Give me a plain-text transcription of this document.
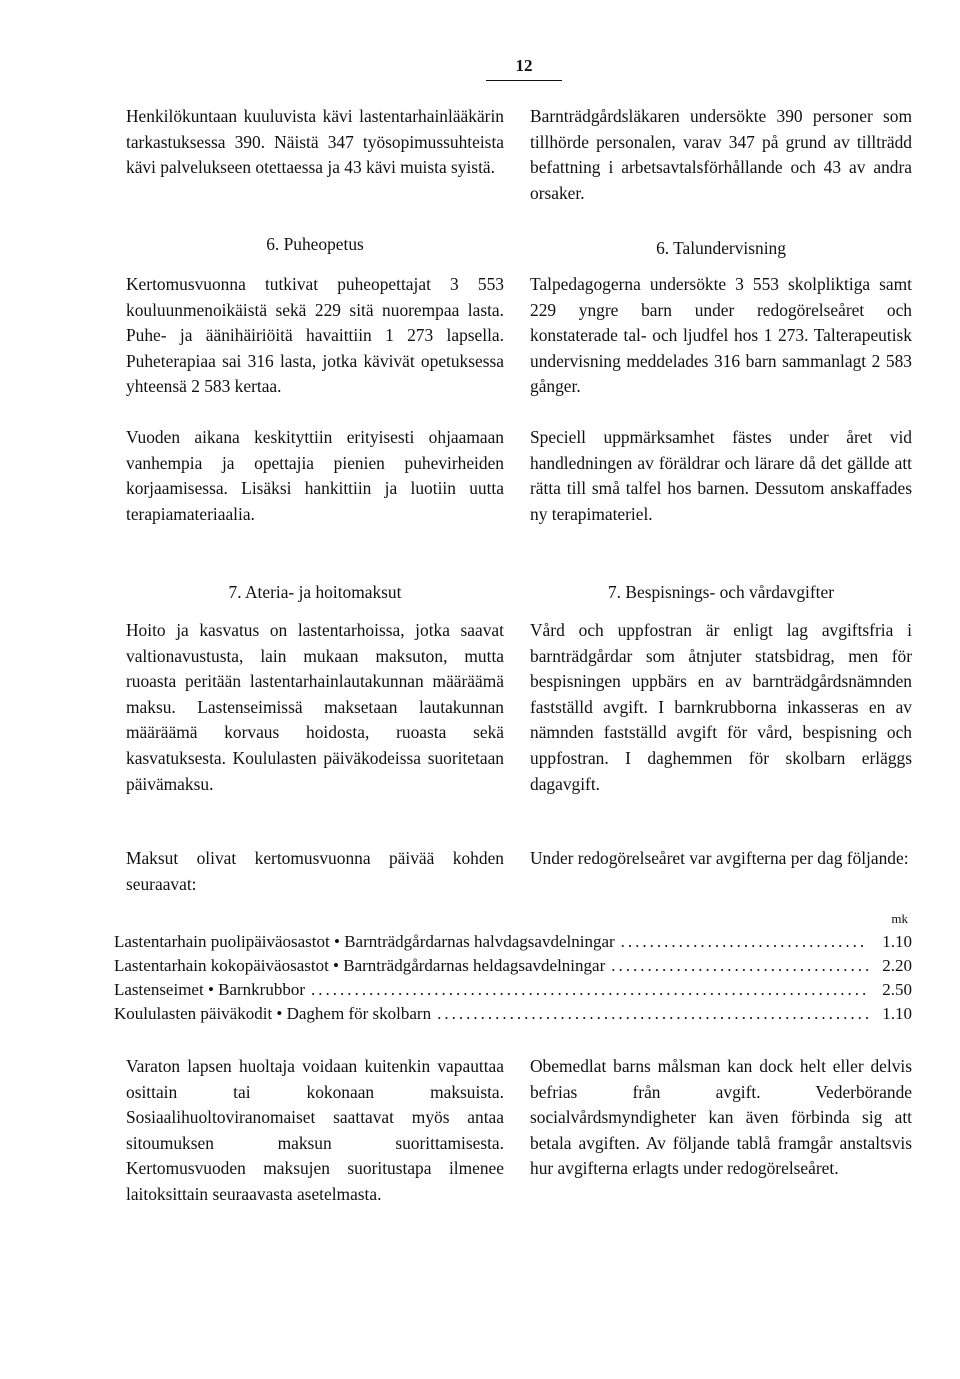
12

Henkilökuntaan kuuluvista kävi lastentarhainlääkärin tarkastuksessa 390. Näistä 347 työsopimussuhteista kävi palvelukseen otettaessa ja 43 kävi muista syistä.

6. Puheopetus

Kertomusvuonna tutkivat puheopettajat 3 553 kouluunmenoikäistä sekä 229 sitä nuorempaa lasta. Puhe- ja äänihäiriöitä havaittiin 1 273 lapsella. Puheterapiaa sai 316 lasta, jotka kävivät opetuksessa yhteensä 2 583 kertaa.

Vuoden aikana keskityttiin erityisesti ohjaamaan vanhempia ja opettajia pienien puhevirheiden korjaamisessa. Lisäksi hankittiin ja luotiin uutta terapiamateriaalia.

7. Ateria- ja hoitomaksut

Hoito ja kasvatus on lastentarhoissa, jotka saavat valtionavustusta, lain mukaan maksuton, mutta ruoasta peritään lastentarhainlautakunnan määräämä maksu. Lastenseimissä maksetaan lautakunnan määräämä korvaus hoidosta, ruoasta sekä kasvatuksesta. Koululasten päiväkodeissa suoritetaan päivämaksu.

Maksut olivat kertomusvuonna päivää kohden seuraavat:

Varaton lapsen huoltaja voidaan kuitenkin vapauttaa osittain tai kokonaan maksuista. Sosiaalihuoltoviranomaiset saattavat myös antaa sitoumuksen maksun suorittamisesta. Kertomusvuoden maksujen suoritustapa ilmenee laitoksittain seuraavasta asetelmasta.

Barnträdgårdsläkaren undersökte 390 personer som tillhörde personalen, varav 347 på grund av tillträdd befattning i arbetsavtalsförhållande och 43 av andra orsaker.

6. Talundervisning

Talpedagogerna undersökte 3 553 skolpliktiga samt 229 yngre barn under redogörelseåret och konstaterade tal- och ljudfel hos 1 273. Talterapeutisk undervisning meddelades 316 barn sammanlagt 2 583 gånger.

Speciell uppmärksamhet fästes under året vid handledningen av föräldrar och lärare då det gällde att rätta till små talfel hos barnen. Dessutom anskaffades ny terapimateriel.

7. Bespisnings- och vårdavgifter

Vård och uppfostran är enligt lag avgiftsfria i barnträdgårdar som åtnjuter statsbidrag, men för bespisningen uppbärs en av barnträdgårdsnämnden fastställd avgift. I barnkrubborna inkasseras en av nämnden fastställd avgift för vård, bespisning och uppfostran. I daghemmen för skolbarn erläggs dagavgift.

Under redogörelseåret var avgifterna per dag följande:

Obemedlat barns målsman kan dock helt eller delvis befrias från avgift. Vederbörande socialvårdsmyndigheter kan även förbinda sig att betala avgiften. Av följande tablå framgår anstaltsvis hur avgifterna erlagts under redogörelseåret.

mk
Lastentarhain puolipäiväosastot • Barnträdgårdarnas halvdagsavdelningar .....	1.10
Lastentarhain kokopäiväosastot • Barnträdgårdarnas heldagsavdelningar .....	2.20
Lastenseimet • Barnkrubbor .....	2.50
Koululasten päiväkodit • Daghem för skolbarn .....	1.10
